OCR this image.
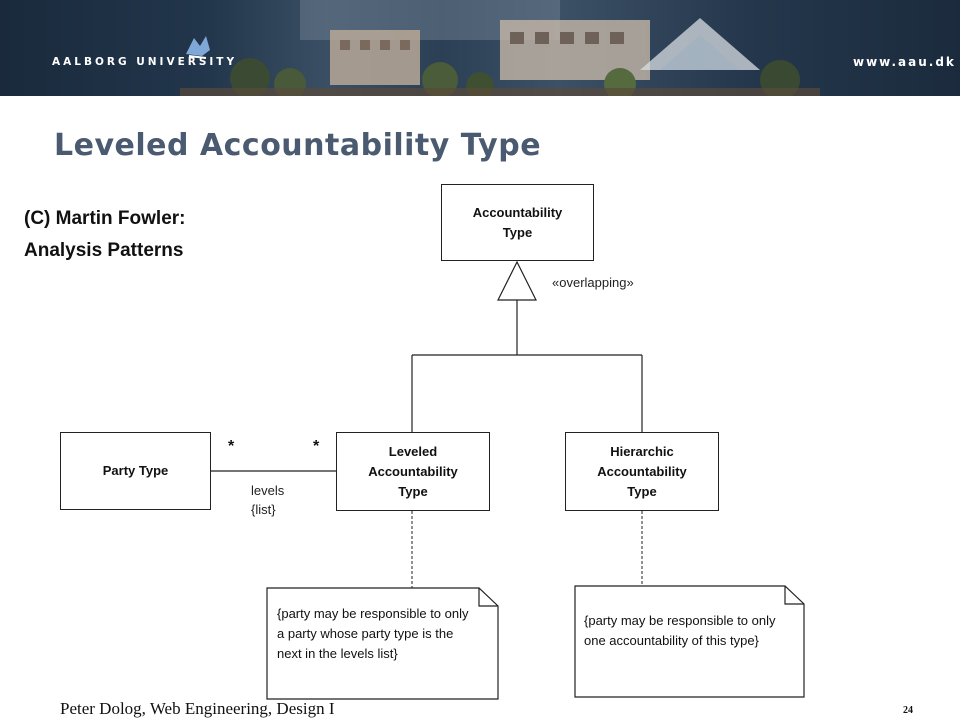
AALBORG UNIVERSITY	www.aau.dk
Leveled Accountability Type
(C) Martin Fowler:
Analysis Patterns
Accountability
Type
«overlapping»
Party Type
*	*
levels
{list}
Leveled
Accountability
Type
Hierarchic
Accountability
Type
{party may be responsible to only
a party whose party type is the
next in the levels list}
{party may be responsible to only
one accountability of this type}
Peter Dolog, Web Engineering, Design I	24
